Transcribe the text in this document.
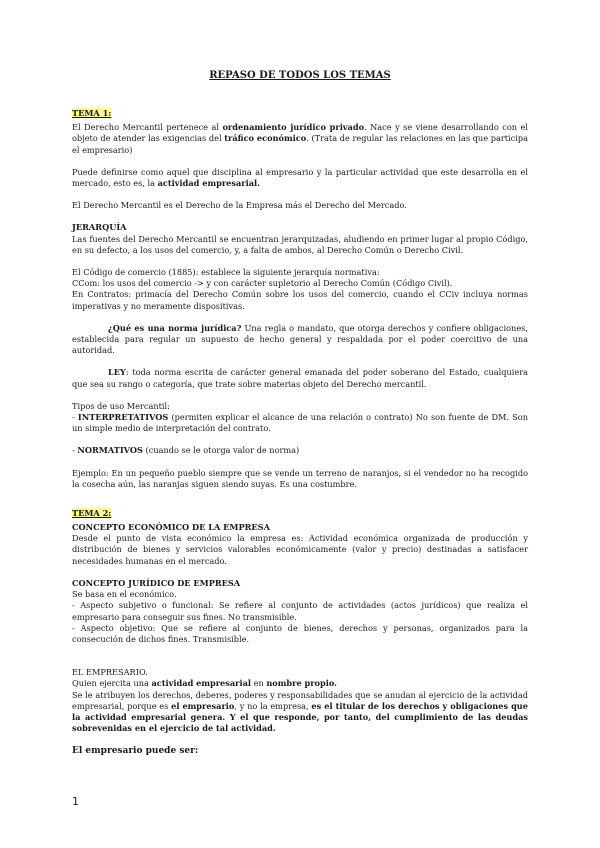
REPASO DE TODOS LOS TEMAS

TEMA 1:

El Derecho Mercantil pertenece al ordenamiento jurídico privado. Nace y se viene desarrollando con el objeto de atender las exigencias del tráfico económico. (Trata de regular las relaciones en las que participa el empresario)

Puede definirse como aquel que disciplina al empresario y la particular actividad que este desarrolla en el mercado, esto es, la actividad empresarial.

El Derecho Mercantil es el Derecho de la Empresa más el Derecho del Mercado.

JERARQUÍA

Las fuentes del Derecho Mercantil se encuentran jerarquizadas, aludiendo en primer lugar al propio Código, en su defecto, a los usos del comercio, y, a falta de ambos, al Derecho Común o Derecho Civil.

El Código de comercio (1885): establece la siguiente jerarquía normativa:

CCom: los usos del comercio -> y con carácter supletorio al Derecho Común (Código Civil).

En Contratos: primacía del Derecho Común sobre los usos del comercio, cuando el CCiv incluya normas imperativas y no meramente dispositivas.

¿Qué es una norma jurídica? Una regla o mandato, que otorga derechos y confiere obligaciones, establecida para regular un supuesto de hecho general y respaldada por el poder coercitivo de una autoridad.

LEY: toda norma escrita de carácter general emanada del poder soberano del Estado, cualquiera que sea su rango o categoría, que trate sobre materias objeto del Derecho mercantil.

Tipos de uso Mercantil:

- INTERPRETATIVOS (permiten explicar el alcance de una relación o contrato) No son fuente de DM. Son un simple medio de interpretación del contrato.

- NORMATIVOS (cuando se le otorga valor de norma)

Ejemplo: En un pequeño pueblo siempre que se vende un terreno de naranjos, si el vendedor no ha recogido la cosecha aún, las naranjas siguen siendo suyas. Es una costumbre.

TEMA 2:

CONCEPTO ECONÓMICO DE LA EMPRESA

Desde el punto de vista económico la empresa es: Actividad económica organizada de producción y distribución de bienes y servicios valorables económicamente (valor y precio) destinadas a satisfacer necesidades humanas en el mercado.

CONCEPTO JURÍDICO DE EMPRESA

Se basa en el económico.

- Aspecto subjetivo o funcional: Se refiere al conjunto de actividades (actos jurídicos) que realiza el empresario para conseguir sus fines. No transmisible.

- Aspecto objetivo: Que se refiere al conjunto de bienes, derechos y personas, organizados para la consecución de dichos fines. Transmisible.

EL EMPRESARIO.

Quien ejercita una actividad empresarial en nombre propio.

Se le atribuyen los derechos, deberes, poderes y responsabilidades que se anudan al ejercicio de la actividad empresarial, porque es el empresario, y no la empresa, es el titular de los derechos y obligaciones que la actividad empresarial genera. Y el que responde, por tanto, del cumplimiento de las deudas sobrevenidas en el ejercicio de tal actividad.

El empresario puede ser:

1
